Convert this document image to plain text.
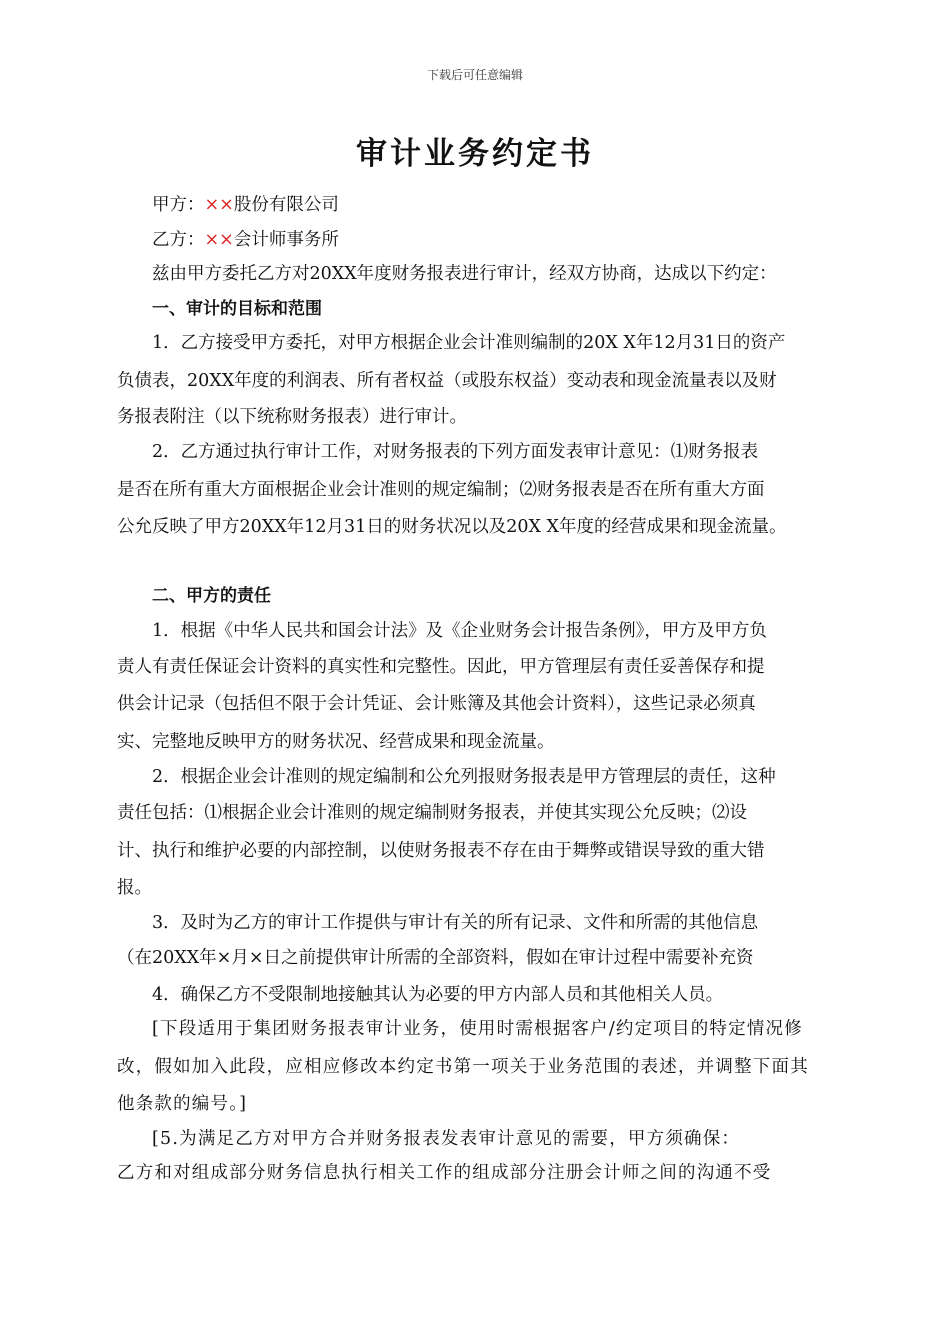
下载后可任意编辑
审计业务约定书
甲方：××股份有限公司
乙方：××会计师事务所
兹由甲方委托乙方对20XX年度财务报表进行审计，经双方协商，达成以下约定：
一、审计的目标和范围
1．乙方接受甲方委托，对甲方根据企业会计准则编制的20X X年12月31日的资产
负债表，20XX年度的利润表、所有者权益（或股东权益）变动表和现金流量表以及财
务报表附注（以下统称财务报表）进行审计。
2．乙方通过执行审计工作，对财务报表的下列方面发表审计意见：⑴财务报表
是否在所有重大方面根据企业会计准则的规定编制；⑵财务报表是否在所有重大方面
公允反映了甲方20XX年12月31日的财务状况以及20X X年度的经营成果和现金流量。
二、甲方的责任
1．根据《中华人民共和国会计法》及《企业财务会计报告条例》，甲方及甲方负
责人有责任保证会计资料的真实性和完整性。因此，甲方管理层有责任妥善保存和提
供会计记录（包括但不限于会计凭证、会计账簿及其他会计资料），这些记录必须真
实、完整地反映甲方的财务状况、经营成果和现金流量。
2．根据企业会计准则的规定编制和公允列报财务报表是甲方管理层的责任，这种
责任包括：⑴根据企业会计准则的规定编制财务报表，并使其实现公允反映；⑵设
计、执行和维护必要的内部控制，以使财务报表不存在由于舞弊或错误导致的重大错
报。
3．及时为乙方的审计工作提供与审计有关的所有记录、文件和所需的其他信息
（在20XX年×月×日之前提供审计所需的全部资料，假如在审计过程中需要补充资
4．确保乙方不受限制地接触其认为必要的甲方内部人员和其他相关人员。
[下段适用于集团财务报表审计业务，使用时需根据客户/约定项目的特定情况修
改，假如加入此段，应相应修改本约定书第一项关于业务范围的表述，并调整下面其
他条款的编号。]
[5.为满足乙方对甲方合并财务报表发表审计意见的需要，甲方须确保：
乙方和对组成部分财务信息执行相关工作的组成部分注册会计师之间的沟通不受
